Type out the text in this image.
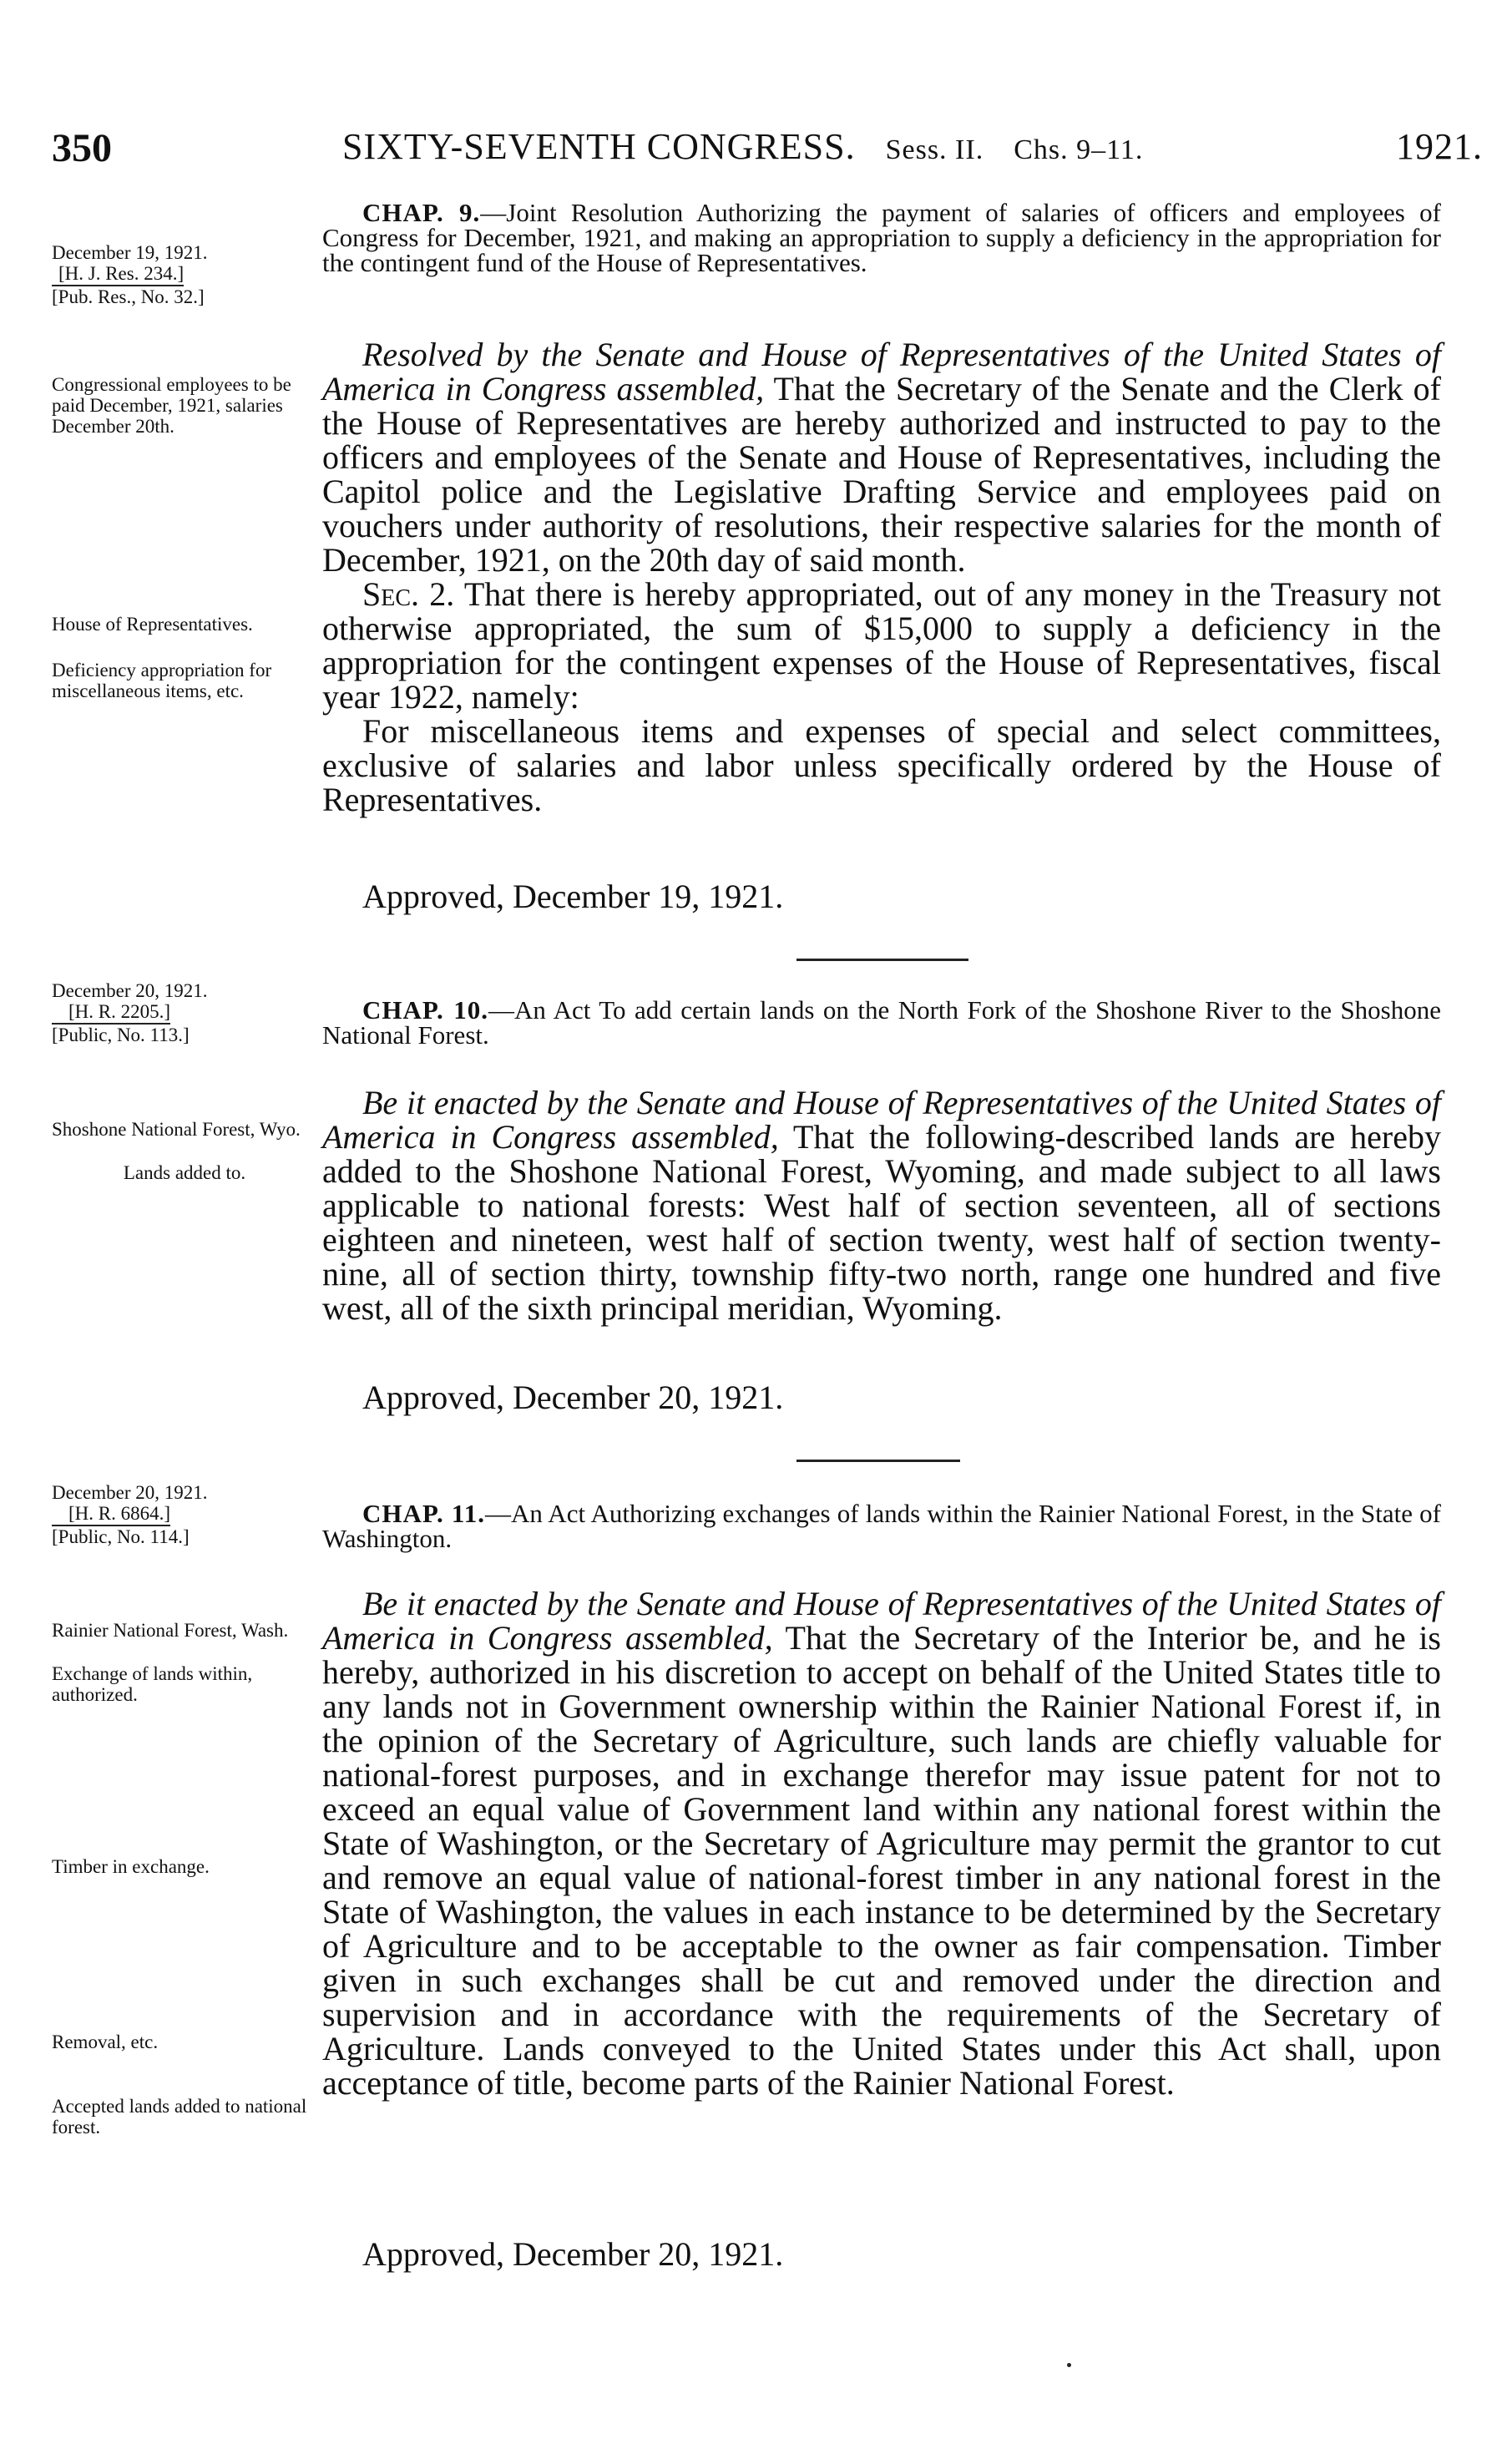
350	SIXTY-SEVENTH CONGRESS. Sess. II. Chs. 9–11.	1921.
December 19, 1921.
[H. J. Res. 234.]
[Pub. Res., No. 32.]
CHAP. 9.—Joint Resolution Authorizing the payment of salaries of officers and employees of Congress for December, 1921, and making an appropriation to supply a deficiency in the appropriation for the contingent fund of the House of Representatives.

Congressional employees to be paid December, 1921, salaries December 20th.

House of Representatives.

Deficiency appropriation for miscellaneous items, etc.

Resolved by the Senate and House of Representatives of the United States of America in Congress assembled, That the Secretary of the Senate and the Clerk of the House of Representatives are hereby authorized and instructed to pay to the officers and employees of the Senate and House of Representatives, including the Capitol police and the Legislative Drafting Service and employees paid on vouchers under authority of resolutions, their respective salaries for the month of December, 1921, on the 20th day of said month.

Sec. 2. That there is hereby appropriated, out of any money in the Treasury not otherwise appropriated, the sum of $15,000 to supply a deficiency in the appropriation for the contingent expenses of the House of Representatives, fiscal year 1922, namely:

For miscellaneous items and expenses of special and select committees, exclusive of salaries and labor unless specifically ordered by the House of Representatives.

Approved, December 19, 1921.
December 20, 1921.
[H. R. 2205.]
[Public, No. 113.]
CHAP. 10.—An Act To add certain lands on the North Fork of the Shoshone River to the Shoshone National Forest.

Shoshone National Forest, Wyo.

Lands added to.

Be it enacted by the Senate and House of Representatives of the United States of America in Congress assembled, That the following-described lands are hereby added to the Shoshone National Forest, Wyoming, and made subject to all laws applicable to national forests: West half of section seventeen, all of sections eighteen and nineteen, west half of section twenty, west half of section twenty-nine, all of section thirty, township fifty-two north, range one hundred and five west, all of the sixth principal meridian, Wyoming.

Approved, December 20, 1921.
December 20, 1921.
[H. R. 6864.]
[Public, No. 114.]
CHAP. 11.—An Act Authorizing exchanges of lands within the Rainier National Forest, in the State of Washington.

Rainier National Forest, Wash.

Exchange of lands within, authorized.

Timber in exchange.

Removal, etc.

Accepted lands added to national forest.

Be it enacted by the Senate and House of Representatives of the United States of America in Congress assembled, That the Secretary of the Interior be, and he is hereby, authorized in his discretion to accept on behalf of the United States title to any lands not in Government ownership within the Rainier National Forest if, in the opinion of the Secretary of Agriculture, such lands are chiefly valuable for national-forest purposes, and in exchange therefor may issue patent for not to exceed an equal value of Government land within any national forest within the State of Washington, or the Secretary of Agriculture may permit the grantor to cut and remove an equal value of national-forest timber in any national forest in the State of Washington, the values in each instance to be determined by the Secretary of Agriculture and to be acceptable to the owner as fair compensation. Timber given in such exchanges shall be cut and removed under the direction and supervision and in accordance with the requirements of the Secretary of Agriculture. Lands conveyed to the United States under this Act shall, upon acceptance of title, become parts of the Rainier National Forest.

Approved, December 20, 1921.
